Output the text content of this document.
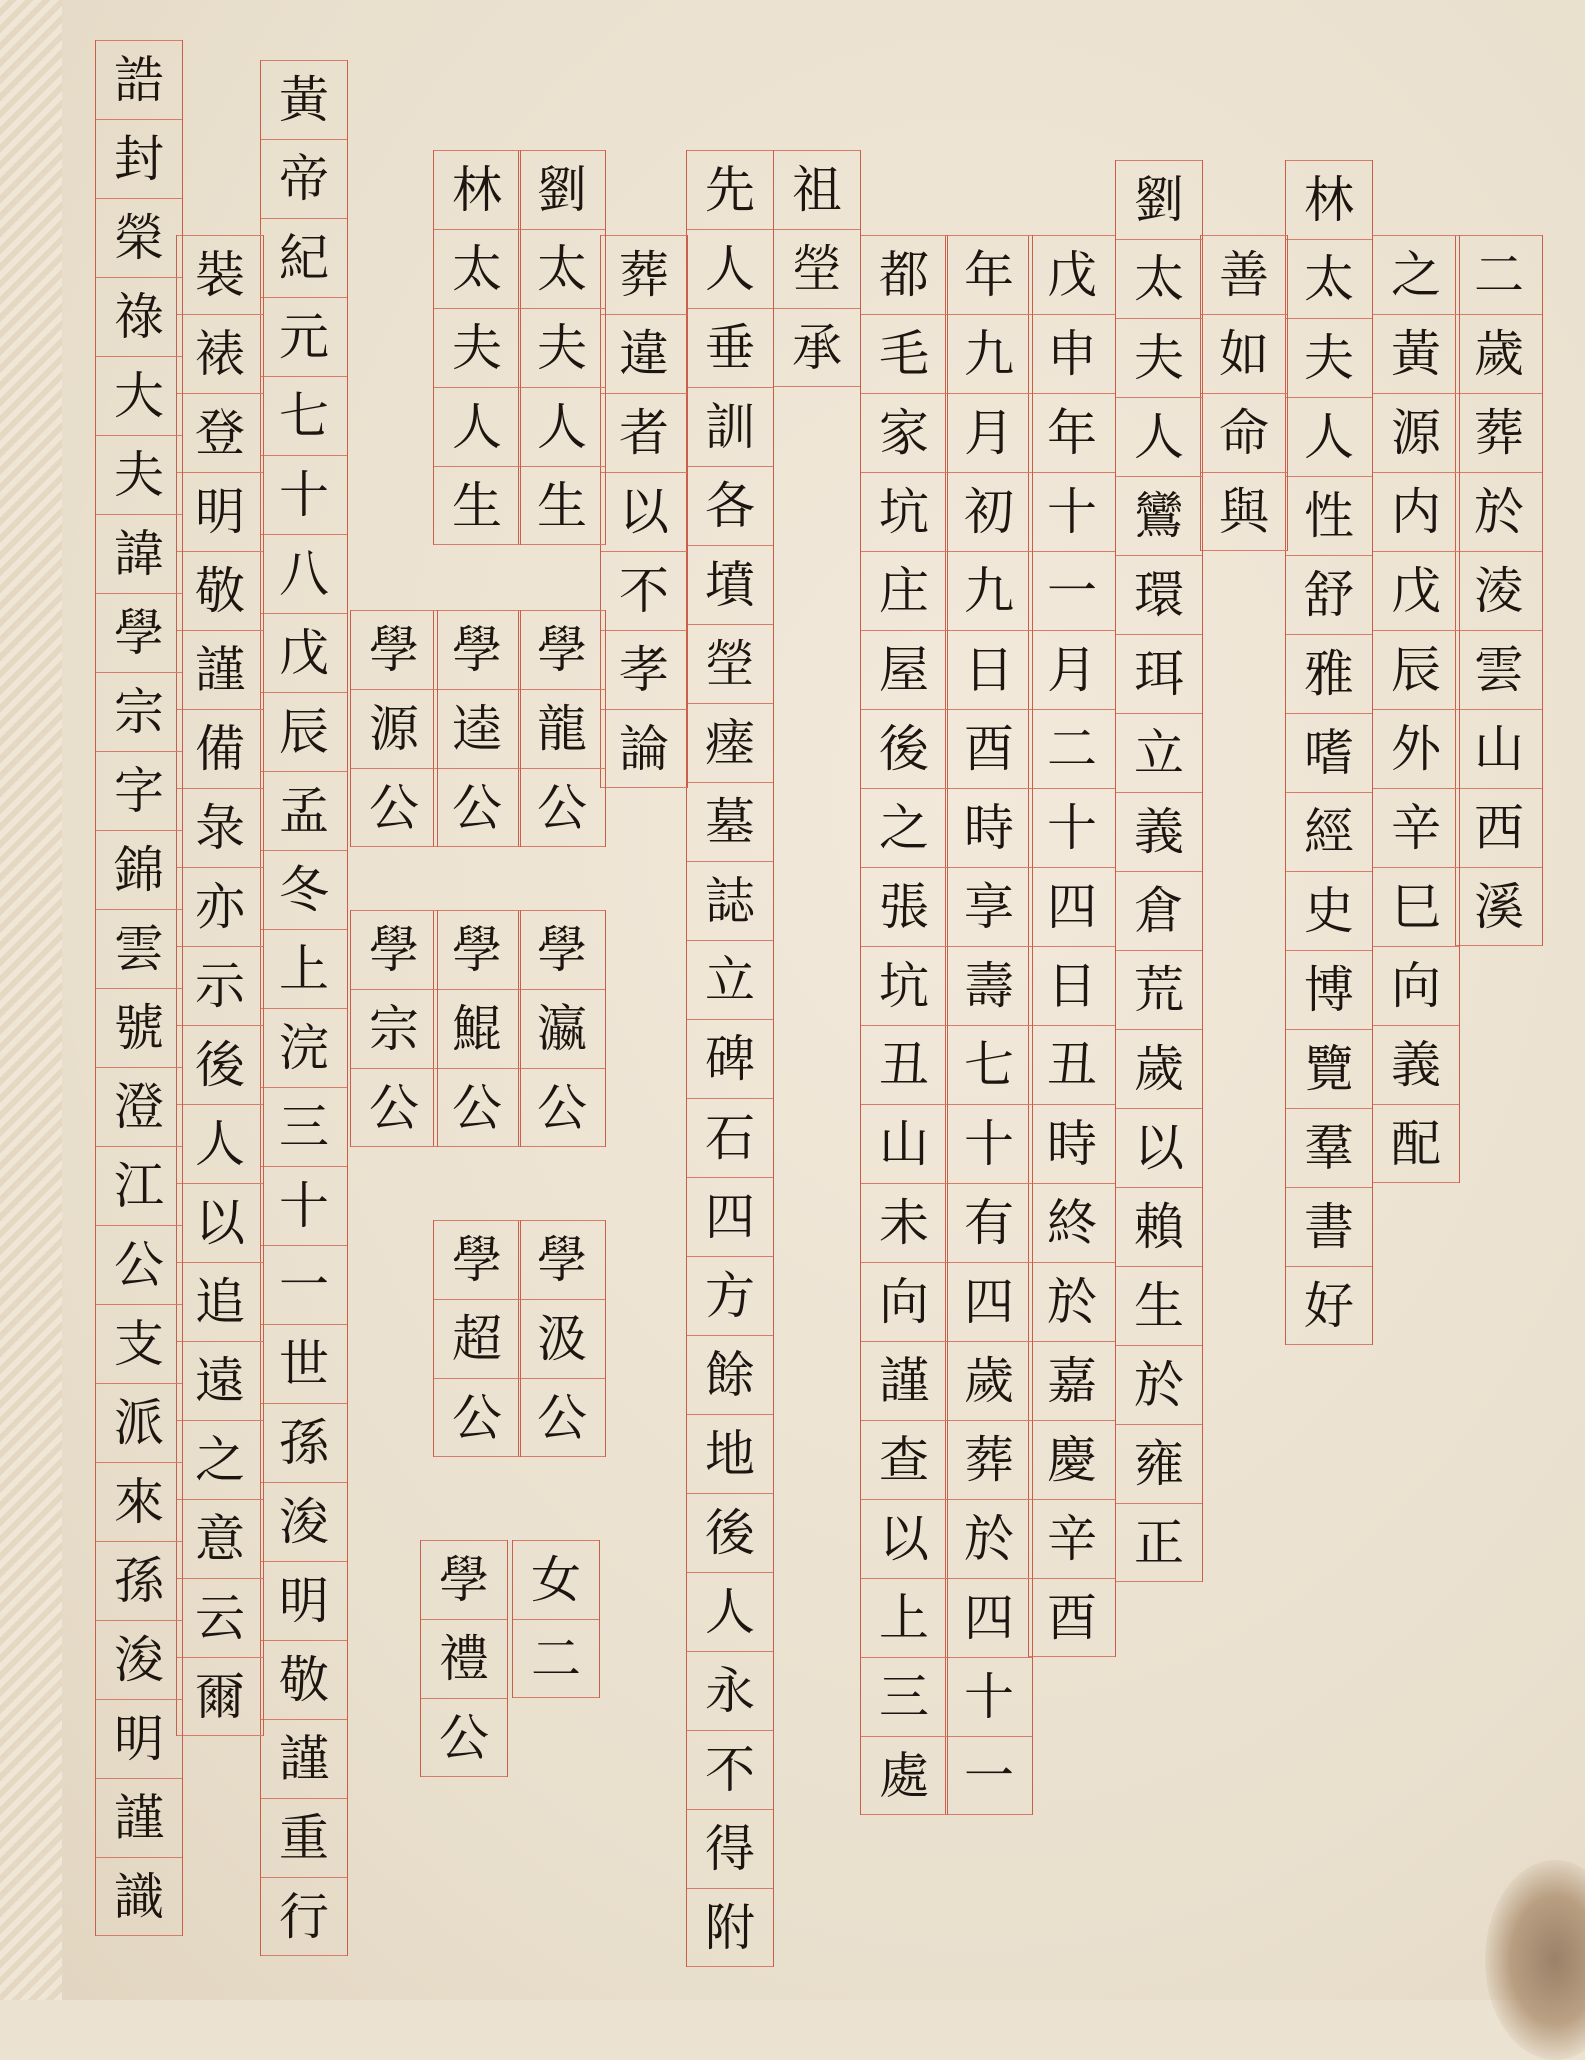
二
歲
葬
於
淩
雲
山
西
溪
之
黃
源
内
戊
辰
外
辛
巳
向
義
配
林
太
夫
人
性
舒
雅
嗜
經
史
博
覽
羣
書
好
善
如
命
與
劉
太
夫
人
鸞
環
珥
立
義
倉
荒
歲
以
賴
生
於
雍
正
戊
申
年
十
一
月
二
十
四
日
丑
時
終
於
嘉
慶
辛
酉
年
九
月
初
九
日
酉
時
享
壽
七
十
有
四
歲
葬
於
四
十
一
都
毛
家
坑
庄
屋
後
之
張
坑
丑
山
未
向
謹
查
以
上
三
處
祖
塋
承
先
人
垂
訓
各
墳
塋
瘗
墓
誌
立
碑
石
四
方
餘
地
後
人
永
不
得
附
葬
違
者
以
不
孝
論
劉
太
夫
人
生
林
太
夫
人
生
學
龍
公
學
逵
公
學
源
公
學
瀛
公
學
鯤
公
學
宗
公
學
汲
公
學
超
公
女
二
學
禮
公
黃
帝
紀
元
七
十
八
戊
辰
孟
冬
上
浣
三
十
一
世
孫
浚
明
敬
謹
重
行
裝
裱
登
明
敬
謹
備
彔
亦
示
後
人
以
追
遠
之
意
云
爾
誥
封
榮
祿
大
夫
諱
學
宗
字
錦
雲
號
澄
江
公
支
派
來
孫
浚
明
謹
識
